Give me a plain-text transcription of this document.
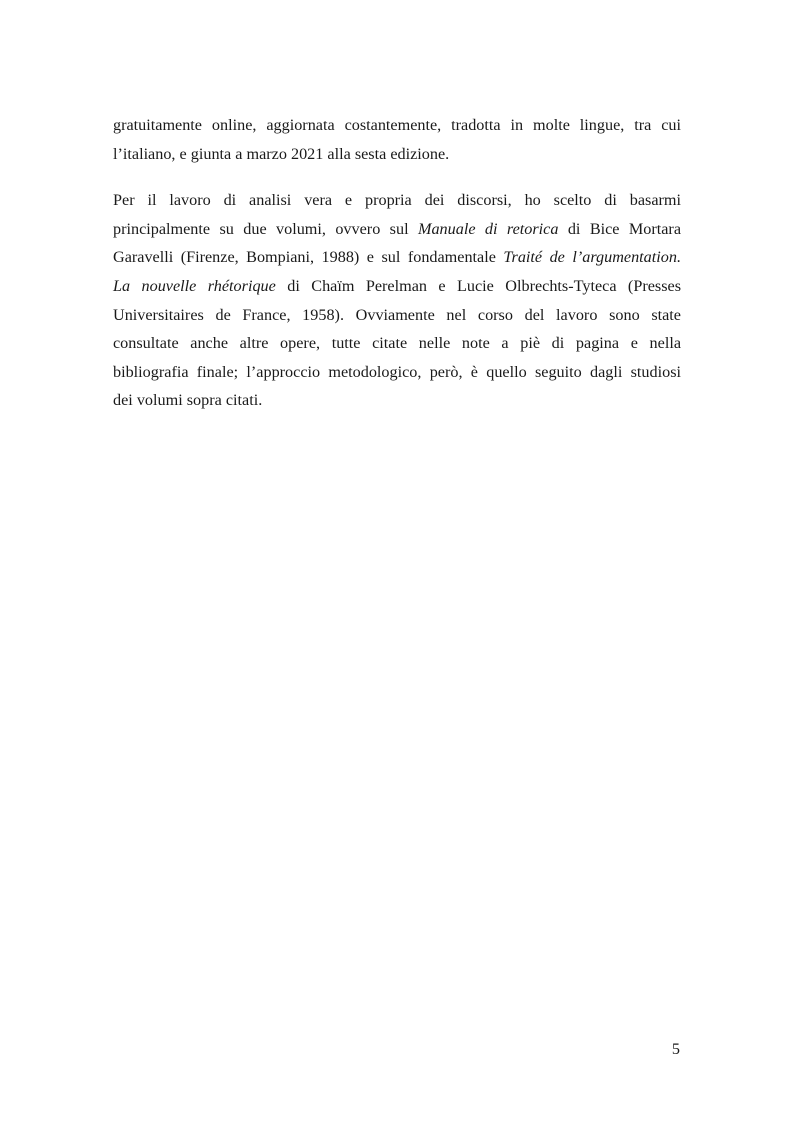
gratuitamente online, aggiornata costantemente, tradotta in molte lingue, tra cui
l’italiano, e giunta a marzo 2021 alla sesta edizione.
Per il lavoro di analisi vera e propria dei discorsi, ho scelto di basarmi
principalmente su due volumi, ovvero sul Manuale di retorica di Bice Mortara
Garavelli (Firenze, Bompiani, 1988) e sul fondamentale Traité de l’argumentation.
La nouvelle rhétorique di Chaïm Perelman e Lucie Olbrechts-Tyteca (Presses
Universitaires de France, 1958). Ovviamente nel corso del lavoro sono state
consultate anche altre opere, tutte citate nelle note a piè di pagina e nella
bibliografia finale; l’approccio metodologico, però, è quello seguito dagli studiosi
dei volumi sopra citati.
5
